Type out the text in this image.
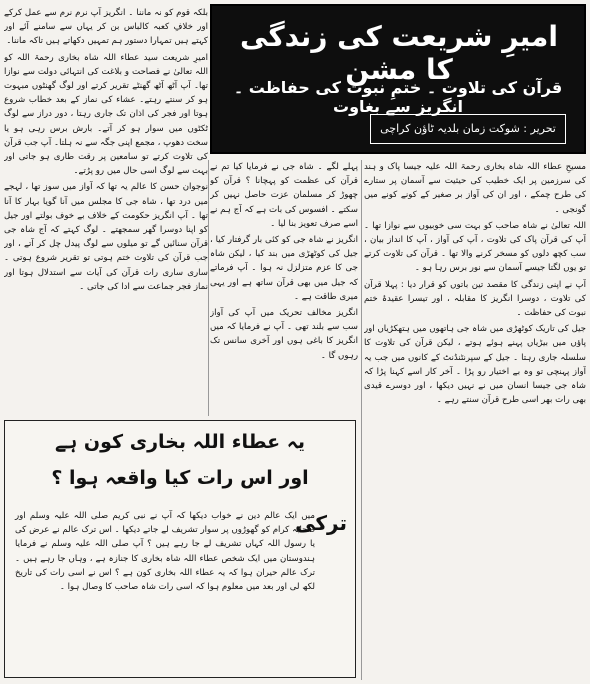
امیرِ شریعت کی زندگی کا مشن
قرآن کی تلاوت ۔ ختمِ نبوت کی حفاظت ۔ انگریز سے بغاوت
تحریر : شوکت زمان بلدیہ ٹاؤن کراچی

بلکہ قوم کو نہ ماننا ۔ انگریز آپ نرم نرم سے عمل کرکے اور خلافِ کعبہ کالباس بن کر یہاں سے سامنے آئے اور کہتے ہیں تمہارا دستور ہم تمہیں دکھاتے ہیں تاکہ ماننا۔

امیرِ شریعت سید عطاء اللہ شاہ بخاری رحمۃ اللہ کو اللہ تعالیٰ نے فصاحت و بلاغت کی انتہائی دولت سے نوازا تھا۔ آپ آٹھ آٹھ گھنٹے تقریر کرتے اور لوگ گھنٹوں مبہوت ہو کر سنتے رہتے۔ عشاء کی نماز کے بعد خطاب شروع ہوتا اور فجر کی اذان تک جاری رہتا ، دور دراز سے لوگ ٹکٹوں میں سوار ہو کر آتے۔ بارش برس رہی ہو یا سخت دھوپ ، مجمع اپنی جگہ سے نہ ہلتا۔ آپ جب قرآن کی تلاوت کرتے تو سامعین پر رقت طاری ہو جاتی اور بہت سے لوگ اسی حال میں رو پڑتے۔

نوجوان حسن کا عالم یہ تھا کہ آواز میں سوز تھا ، لہجے میں درد تھا ، شاہ جی کا مجلس میں آنا گویا بہار کا آنا تھا ۔ آپ انگریز حکومت کے خلاف بے خوف بولتے اور جیل کو اپنا دوسرا گھر سمجھتے ۔ لوگ کہتے کہ آج شاہ جی قرآن سنائیں گے تو میلوں سے لوگ پیدل چل کر آتے ، اور جب قرآن کی تلاوت ختم ہوتی تو تقریر شروع ہوتی ۔ ساری ساری رات قرآن کی آیات سے استدلال ہوتا اور نماز فجر جماعت سے ادا کی جاتی ۔

پہلے لگے ۔ شاہ جی نے فرمایا کیا تم نے قرآن کی عظمت کو پہچانا ؟ قرآن کو چھوڑ کر مسلمان عزت حاصل نہیں کر سکتے ۔ افسوس کی بات ہے کہ آج ہم نے اسے صرف تعویز بنا لیا ۔

انگریز نے شاہ جی کو کئی بار گرفتار کیا ، جیل کی کوٹھڑی میں بند کیا ، لیکن شاہ جی کا عزم متزلزل نہ ہوا ۔ آپ فرماتے کہ جیل میں بھی قرآن ساتھ ہے اور یہی میری طاقت ہے ۔

انگریز مخالف تحریک میں آپ کی آواز سب سے بلند تھی ۔ آپ نے فرمایا کہ میں انگریز کا باغی ہوں اور آخری سانس تک رہوں گا ۔

مسیحِ عطاء اللہ شاہ بخاری رحمۃ اللہ علیہ جیسا پاک و ہند کی سرزمین پر ایک خطیب کی حیثیت سے آسمان پر ستارے کی طرح چمکے ، اور ان کی آواز بر صغیر کے کونے کونے میں گونجی ۔

اللہ تعالیٰ نے شاہ صاحب کو بہت سی خوبیوں سے نوازا تھا ۔ آپ کی قرآن پاک کی تلاوت ، آپ کی آواز ، آپ کا انداز بیان ، سب کچھ دلوں کو مسخر کرنے والا تھا ۔ قرآن کی تلاوت کرتے تو یوں لگتا جیسے آسمان سے نور برس رہا ہو ۔

آپ نے اپنی زندگی کا مقصد تین باتوں کو قرار دیا : پہلا قرآن کی تلاوت ، دوسرا انگریز کا مقابلہ ، اور تیسرا عقیدۂ ختم نبوت کی حفاظت ۔

جیل کی تاریک کوٹھڑی میں شاہ جی ہاتھوں میں ہتھکڑیاں اور پاؤں میں بیڑیاں پہنے ہوئے ہوتے ، لیکن قرآن کی تلاوت کا سلسلہ جاری رہتا ۔ جیل کے سپرنٹنڈنٹ کے کانوں میں جب یہ آواز پہنچی تو وہ بے اختیار رو پڑا ۔ آخر کار اسے کہنا پڑا کہ شاہ جی جیسا انسان میں نے نہیں دیکھا ، اور دوسرے قیدی بھی رات بھر اسی طرح قرآن سنتے رہے ۔

یہ عطاء اللہ بخاری کون ہے
اور اس رات کیا واقعہ ہوا ؟
ترکی
میں ایک عالم دین نے خواب دیکھا کہ آپ نے نبی کریم صلی اللہ علیہ وسلم اور صحابہ کرام کو گھوڑوں پر سوار تشریف لے جاتے دیکھا ۔ اس ترک عالم نے عرض کی یا رسول اللہ کہاں تشریف لے جا رہے ہیں ؟ آپ صلی اللہ علیہ وسلم نے فرمایا ہندوستان میں ایک شخص عطاء اللہ شاہ بخاری کا جنازہ ہے ، وہاں جا رہے ہیں ۔ ترک عالم حیران ہوا کہ یہ عطاء اللہ بخاری کون ہے ؟ اس نے اسی رات کی تاریخ لکھ لی اور بعد میں معلوم ہوا کہ اسی رات شاہ صاحب کا وصال ہوا ۔
